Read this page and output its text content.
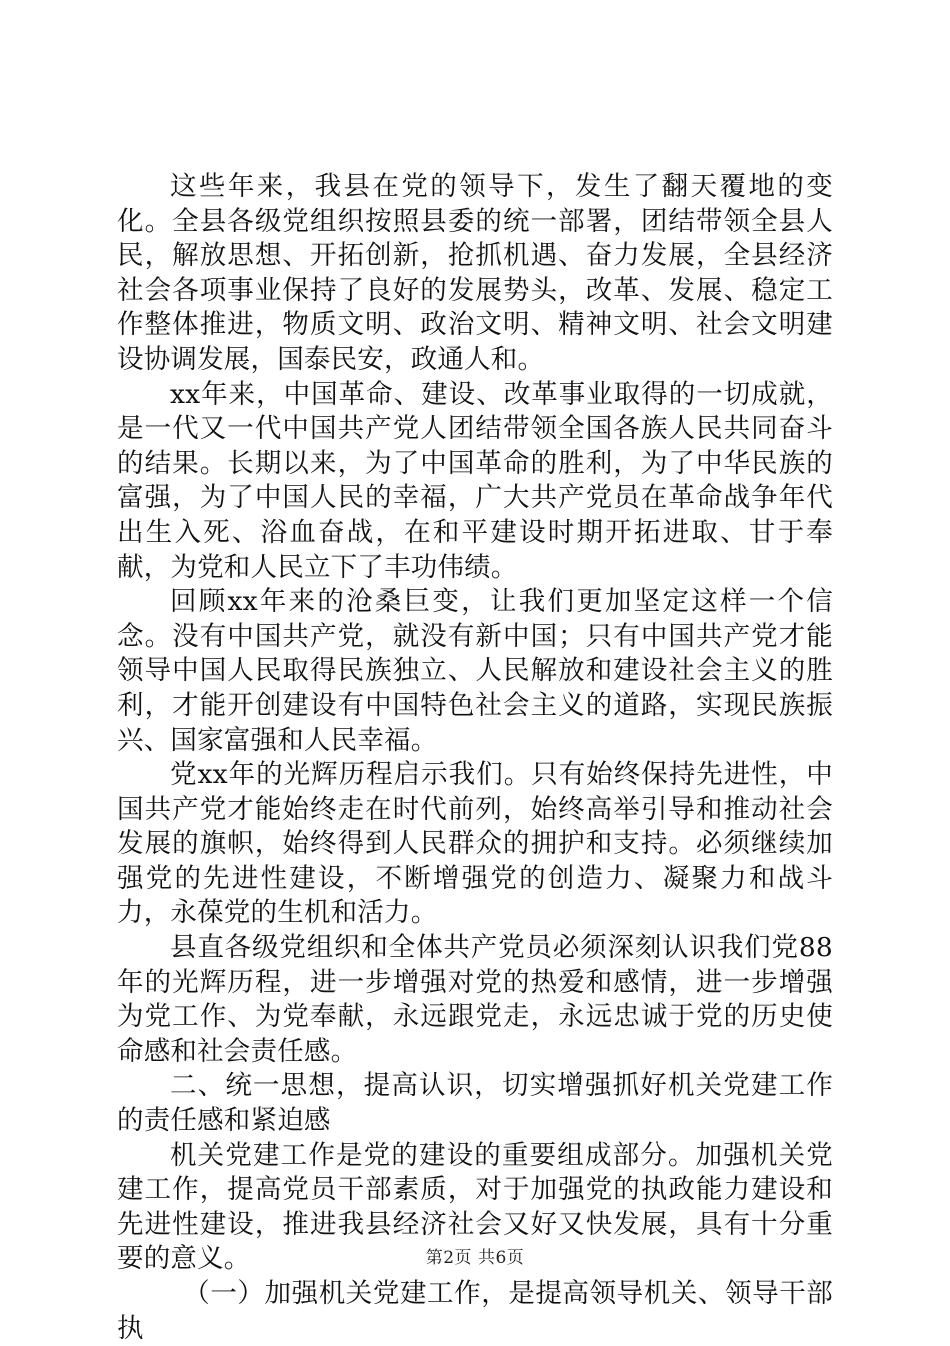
这些年来，我县在党的领导下，发生了翻天覆地的变化。全县各级党组织按照县委的统一部署，团结带领全县人民，解放思想、开拓创新，抢抓机遇、奋力发展，全县经济社会各项事业保持了良好的发展势头，改革、发展、稳定工作整体推进，物质文明、政治文明、精神文明、社会文明建设协调发展，国泰民安，政通人和。

xx年来，中国革命、建设、改革事业取得的一切成就，是一代又一代中国共产党人团结带领全国各族人民共同奋斗的结果。长期以来，为了中国革命的胜利，为了中华民族的富强，为了中国人民的幸福，广大共产党员在革命战争年代出生入死、浴血奋战，在和平建设时期开拓进取、甘于奉献，为党和人民立下了丰功伟绩。

回顾xx年来的沧桑巨变，让我们更加坚定这样一个信念。没有中国共产党，就没有新中国；只有中国共产党才能领导中国人民取得民族独立、人民解放和建设社会主义的胜利，才能开创建设有中国特色社会主义的道路，实现民族振兴、国家富强和人民幸福。

党xx年的光辉历程启示我们。只有始终保持先进性，中国共产党才能始终走在时代前列，始终高举引导和推动社会发展的旗帜，始终得到人民群众的拥护和支持。必须继续加强党的先进性建设，不断增强党的创造力、凝聚力和战斗力，永葆党的生机和活力。

县直各级党组织和全体共产党员必须深刻认识我们党88年的光辉历程，进一步增强对党的热爱和感情，进一步增强为党工作、为党奉献，永远跟党走，永远忠诚于党的历史使命感和社会责任感。

二、统一思想，提高认识，切实增强抓好机关党建工作的责任感和紧迫感

机关党建工作是党的建设的重要组成部分。加强机关党建工作，提高党员干部素质，对于加强党的执政能力建设和先进性建设，推进我县经济社会又好又快发展，具有十分重要的意义。

（一）加强机关党建工作，是提高领导机关、领导干部执

第2页 共6页
